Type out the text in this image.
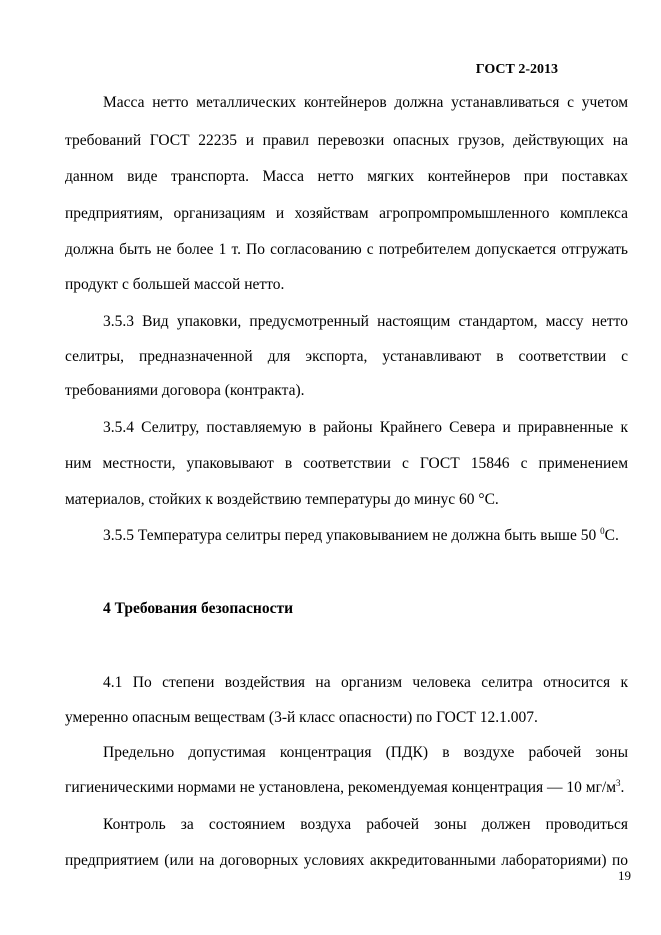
ГОСТ 2-2013
Масса нетто металлических контейнеров должна устанавливаться с учетом
требований ГОСТ 22235 и правил перевозки опасных грузов, действующих на
данном виде транспорта. Масса нетто мягких контейнеров при поставках
предприятиям, организациям и хозяйствам агропромпромышленного комплекса
должна быть не более 1 т. По согласованию с потребителем допускается отгружать
продукт с большей массой нетто.
3.5.3 Вид упаковки, предусмотренный настоящим стандартом, массу нетто
селитры, предназначенной для экспорта, устанавливают в соответствии с
требованиями договора (контракта).
3.5.4 Селитру, поставляемую в районы Крайнего Севера и приравненные к
ним местности, упаковывают в соответствии с ГОСТ 15846 с применением
материалов, стойких к воздействию температуры до минус 60 °С.
3.5.5 Температура селитры перед упаковыванием не должна быть выше 50 $^0$С.
4 Требования безопасности
4.1 По степени воздействия на организм человека селитра относится к
умеренно опасным веществам (3-й класс опасности) по ГОСТ 12.1.007.
Предельно допустимая концентрация (ПДК) в воздухе рабочей зоны
гигиеническими нормами не установлена, рекомендуемая концентрация — 10 $мг/м^3$.
Контроль за состоянием воздуха рабочей зоны должен проводиться
предприятием (или на договорных условиях аккредитованными лабораториями) по
19
